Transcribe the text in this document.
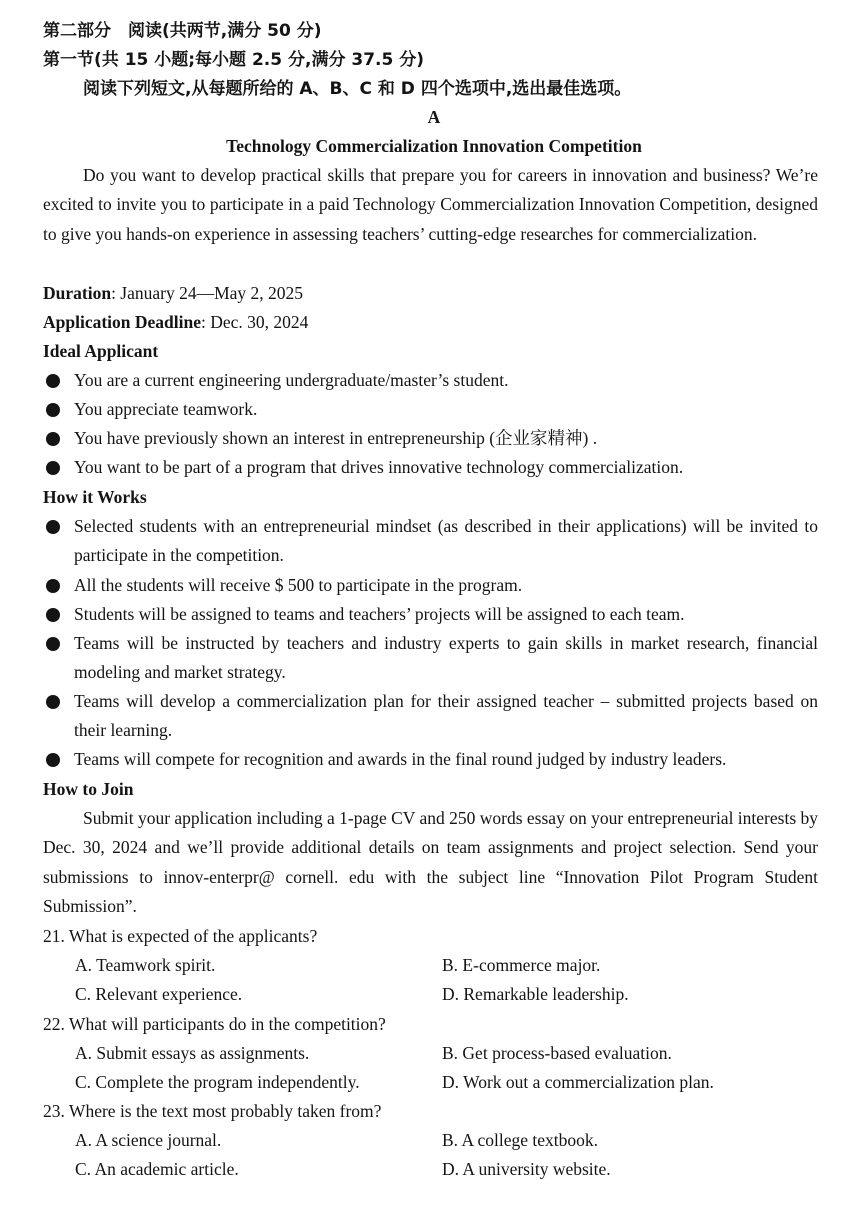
第二部分　阅读(共两节,满分 50 分)
第一节(共 15 小题;每小题 2.5 分,满分 37.5 分)
阅读下列短文,从每题所给的 A、B、C 和 D 四个选项中,选出最佳选项。
A
Technology Commercialization Innovation Competition
Do you want to develop practical skills that prepare you for careers in innovation and business? We’re excited to invite you to participate in a paid Technology Commercialization Innovation Competition, designed to give you hands-on experience in assessing teachers’ cutting-edge researches for commercialization.
Duration: January 24—May 2, 2025
Application Deadline: Dec. 30, 2024
Ideal Applicant
You are a current engineering undergraduate/master’s student.
You appreciate teamwork.
You have previously shown an interest in entrepreneurship (企业家精神) .
You want to be part of a program that drives innovative technology commercialization.
How it Works
Selected students with an entrepreneurial mindset (as described in their applications) will be invited to participate in the competition.
All the students will receive $ 500 to participate in the program.
Students will be assigned to teams and teachers’ projects will be assigned to each team.
Teams will be instructed by teachers and industry experts to gain skills in market research, financial modeling and market strategy.
Teams will develop a commercialization plan for their assigned teacher – submitted projects based on their learning.
Teams will compete for recognition and awards in the final round judged by industry leaders.
How to Join
Submit your application including a 1-page CV and 250 words essay on your entrepreneurial interests by Dec. 30, 2024 and we’ll provide additional details on team assignments and project selection. Send your submissions to innov-enterpr@ cornell. edu with the subject line “Innovation Pilot Program Student Submission”.
21. What is expected of the applicants?
A. Teamwork spirit.	B. E-commerce major.
C. Relevant experience.	D. Remarkable leadership.
22. What will participants do in the competition?
A. Submit essays as assignments.	B. Get process-based evaluation.
C. Complete the program independently.	D. Work out a commercialization plan.
23. Where is the text most probably taken from?
A. A science journal.	B. A college textbook.
C. An academic article.	D. A university website.
